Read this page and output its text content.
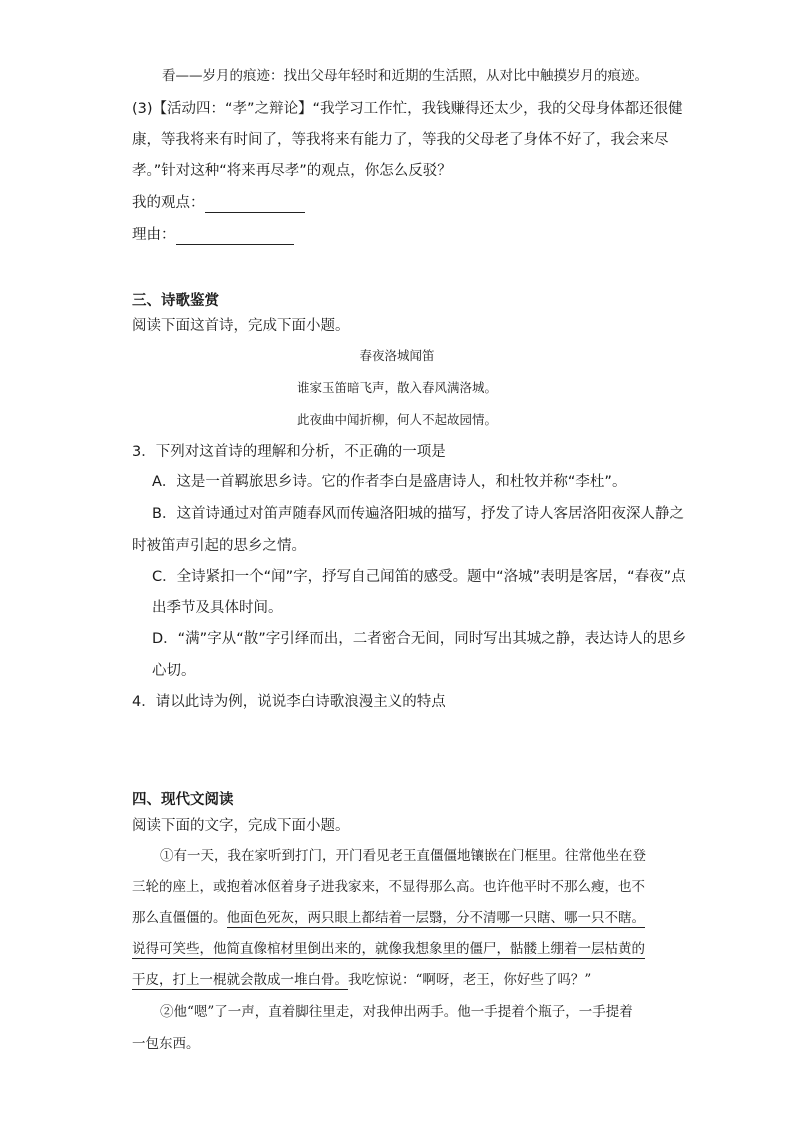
看——岁月的痕迹：找出父母年轻时和近期的生活照，从对比中触摸岁月的痕迹。
(3)【活动四：“孝”之辩论】“我学习工作忙，我钱赚得还太少，我的父母身体都还很健
康，等我将来有时间了，等我将来有能力了，等我的父母老了身体不好了，我会来尽
孝。”针对这种“将来再尽孝”的观点，你怎么反驳？
我的观点：
理由：
三、诗歌鉴赏
阅读下面这首诗，完成下面小题。
春夜洛城闻笛
谁家玉笛暗飞声，散入春风满洛城。
此夜曲中闻折柳，何人不起故园情。
3．下列对这首诗的理解和分析，不正确的一项是
A．这是一首羁旅思乡诗。它的作者李白是盛唐诗人，和杜牧并称“李杜”。
B．这首诗通过对笛声随春风而传遍洛阳城的描写，抒发了诗人客居洛阳夜深人静之
时被笛声引起的思乡之情。
C．全诗紧扣一个“闻”字，抒写自己闻笛的感受。题中“洛城”表明是客居，“春夜”点
出季节及具体时间。
D．“满”字从“散”字引绎而出，二者密合无间，同时写出其城之静，表达诗人的思乡
心切。
4．请以此诗为例，说说李白诗歌浪漫主义的特点
四、现代文阅读
阅读下面的文字，完成下面小题。
①有一天，我在家听到打门，开门看见老王直僵僵地镶嵌在门框里。往常他坐在登
三轮的座上，或抱着冰伛着身子进我家来，不显得那么高。也许他平时不那么瘦，也不
那么直僵僵的。他面色死灰，两只眼上都结着一层翳，分不清哪一只瞎、哪一只不瞎。
说得可笑些，他简直像棺材里倒出来的，就像我想象里的僵尸，骷髅上绷着一层枯黄的
干皮，打上一棍就会散成一堆白骨。我吃惊说：“啊呀，老王，你好些了吗？”
②他“嗯”了一声，直着脚往里走，对我伸出两手。他一手提着个瓶子，一手提着
一包东西。
